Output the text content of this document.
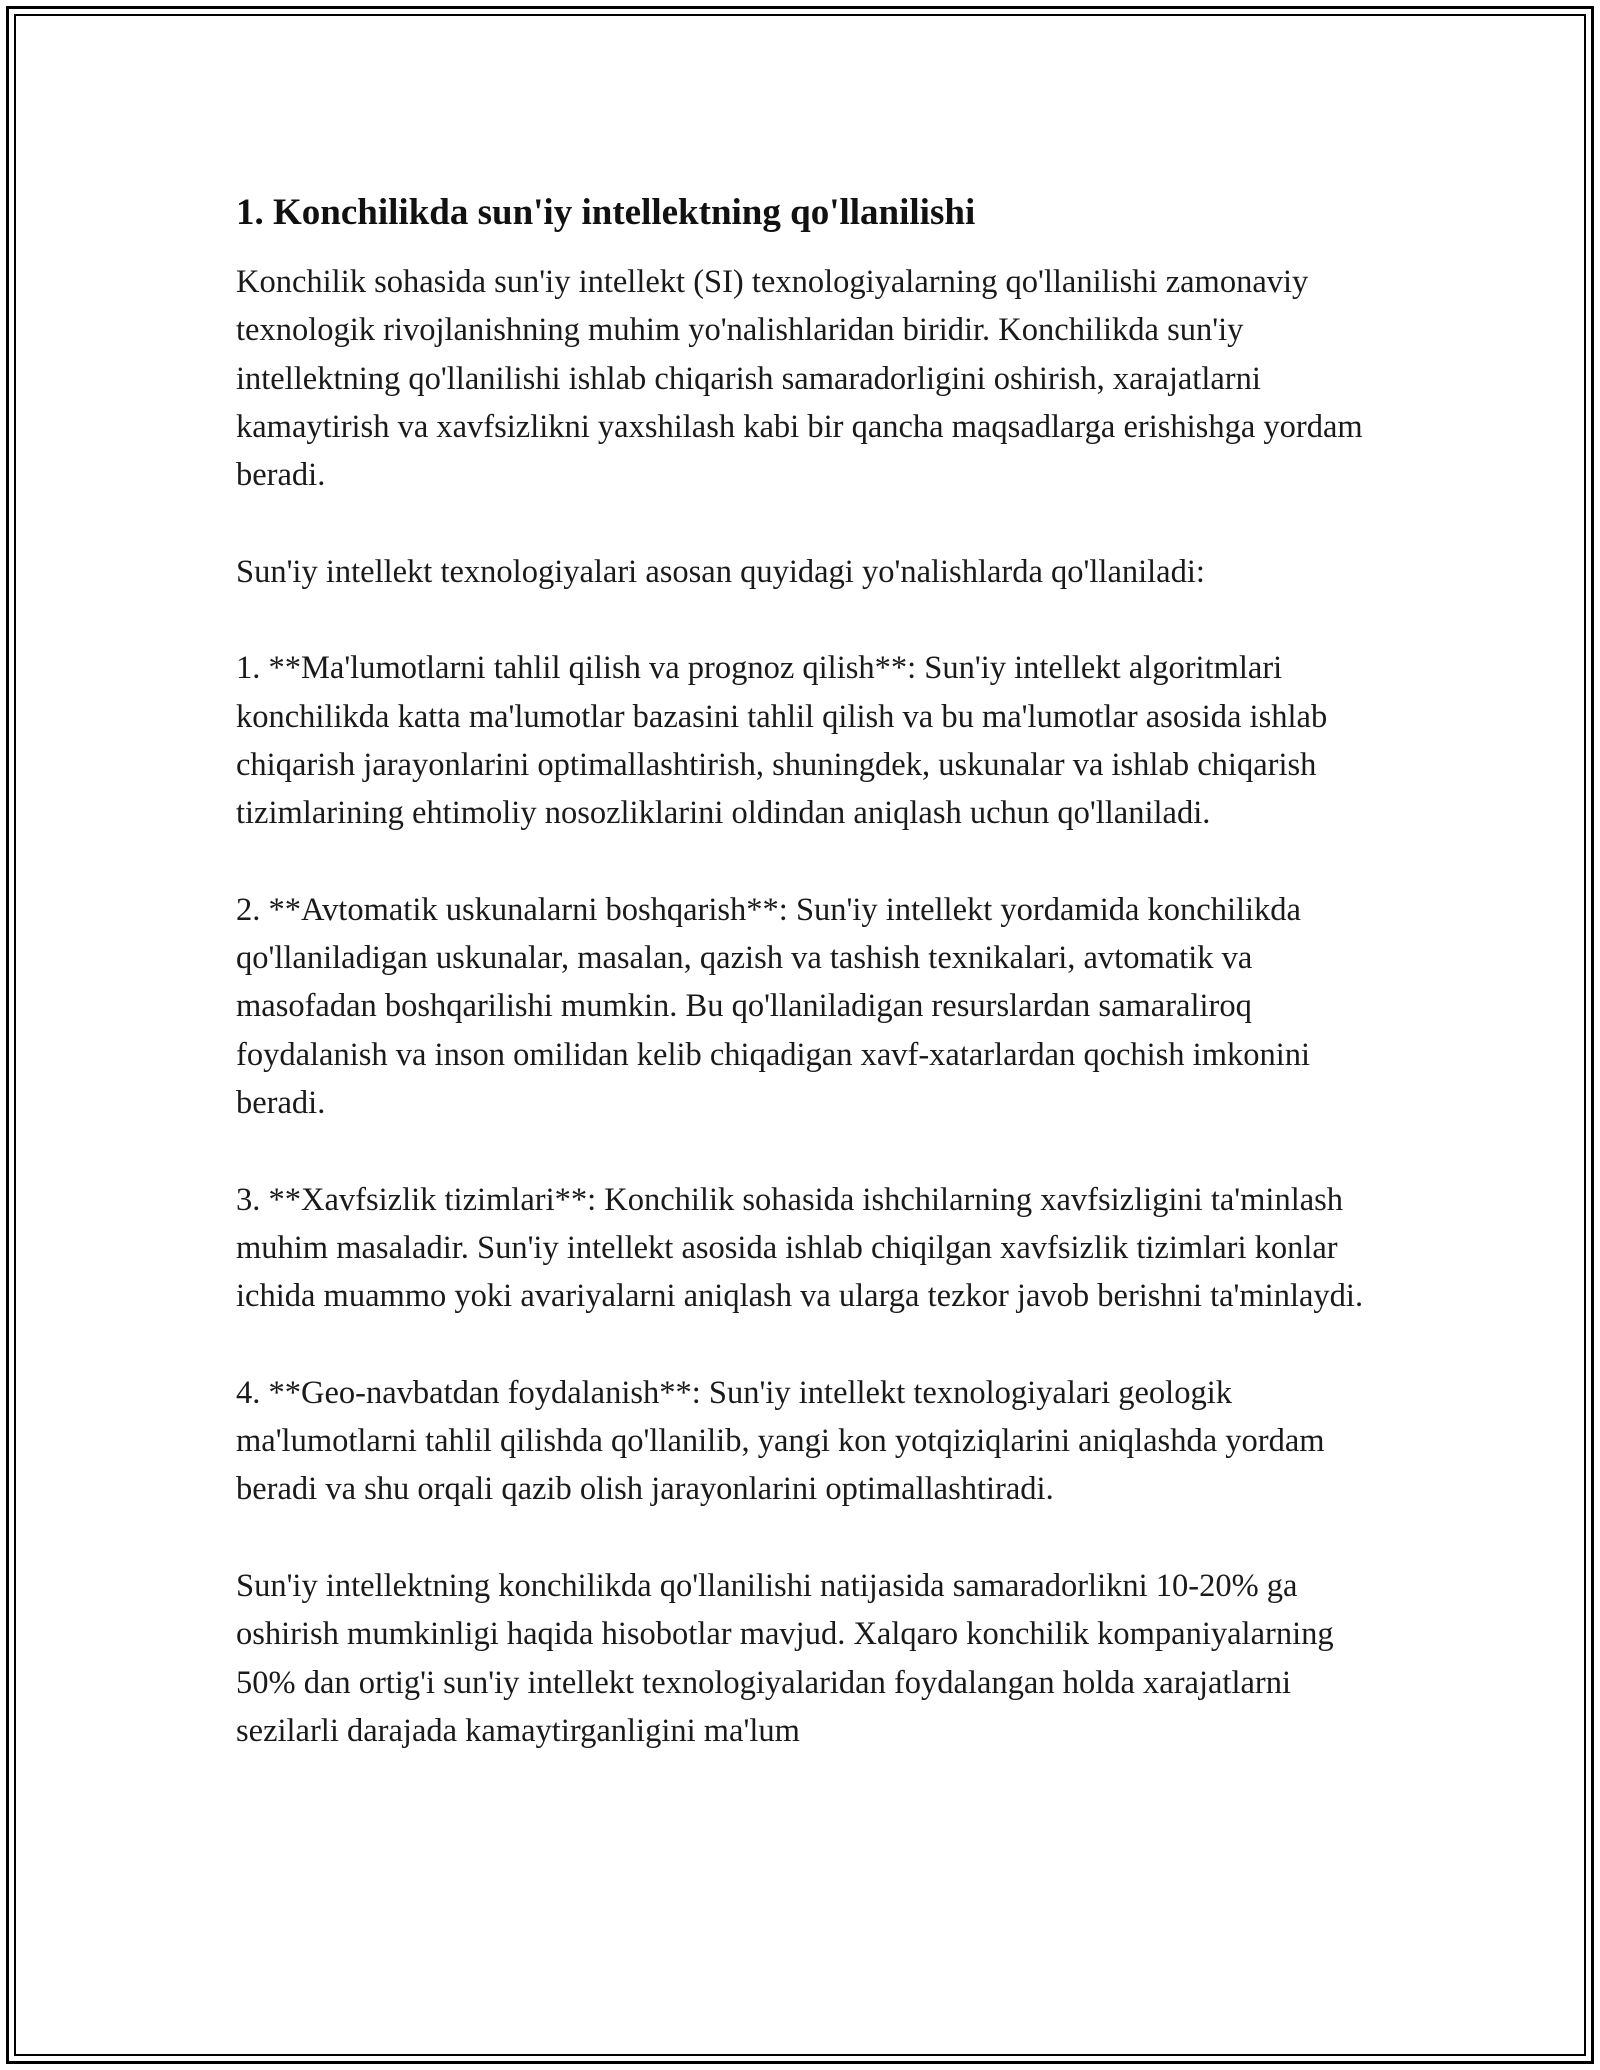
1. Konchilikda sun'iy intellektning qo'llanilishi

Konchilik sohasida sun'iy intellekt (SI) texnologiyalarning qo'llanilishi zamonaviy texnologik rivojlanishning muhim yo'nalishlaridan biridir. Konchilikda sun'iy intellektning qo'llanilishi ishlab chiqarish samaradorligini oshirish, xarajatlarni kamaytirish va xavfsizlikni yaxshilash kabi bir qancha maqsadlarga erishishga yordam beradi.

Sun'iy intellekt texnologiyalari asosan quyidagi yo'nalishlarda qo'llaniladi:

1. **Ma'lumotlarni tahlil qilish va prognoz qilish**: Sun'iy intellekt algoritmlari konchilikda katta ma'lumotlar bazasini tahlil qilish va bu ma'lumotlar asosida ishlab chiqarish jarayonlarini optimallashtirish, shuningdek, uskunalar va ishlab chiqarish tizimlarining ehtimoliy nosozliklarini oldindan aniqlash uchun qo'llaniladi.

2. **Avtomatik uskunalarni boshqarish**: Sun'iy intellekt yordamida konchilikda qo'llaniladigan uskunalar, masalan, qazish va tashish texnikalari, avtomatik va masofadan boshqarilishi mumkin. Bu qo'llaniladigan resurslardan samaraliroq foydalanish va inson omilidan kelib chiqadigan xavf-xatarlardan qochish imkonini beradi.

3. **Xavfsizlik tizimlari**: Konchilik sohasida ishchilarning xavfsizligini ta'minlash muhim masaladir. Sun'iy intellekt asosida ishlab chiqilgan xavfsizlik tizimlari konlar ichida muammo yoki avariyalarni aniqlash va ularga tezkor javob berishni ta'minlaydi.

4. **Geo-navbatdan foydalanish**: Sun'iy intellekt texnologiyalari geologik ma'lumotlarni tahlil qilishda qo'llanilib, yangi kon yotqiziqlarini aniqlashda yordam beradi va shu orqali qazib olish jarayonlarini optimallashtiradi.

Sun'iy intellektning konchilikda qo'llanilishi natijasida samaradorlikni 10-20% ga oshirish mumkinligi haqida hisobotlar mavjud. Xalqaro konchilik kompaniyalarning 50% dan ortig'i sun'iy intellekt texnologiyalaridan foydalangan holda xarajatlarni sezilarli darajada kamaytirganligini ma'lum
